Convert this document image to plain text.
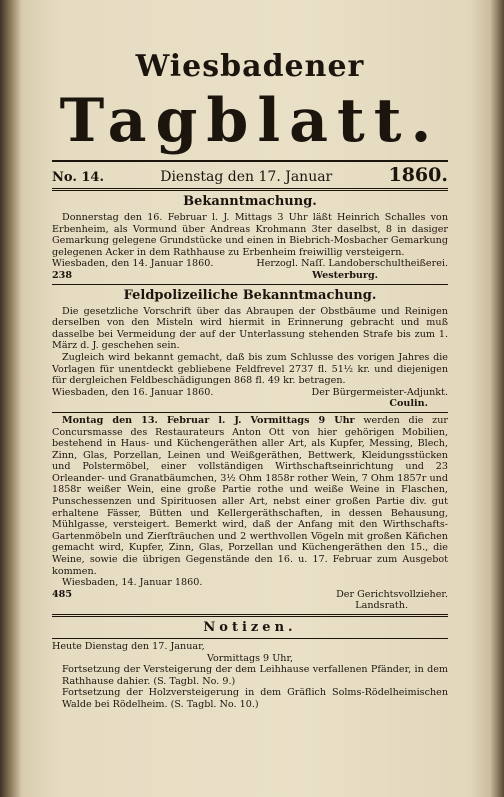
Wiesbadener
Tagblatt.
No. 14.	Dienstag den 17. Januar	1860.
Bekanntmachung.

Donnerstag den 16. Februar l. J. Mittags 3 Uhr läßt Heinrich Schalles von Erbenheim, als Vormund über Andreas Krohmann 3ter daselbst, 8 in dasiger Gemarkung gelegene Grundstücke und einen in Biebrich-Mosbacher Gemarkung gelegenen Acker in dem Rathhause zu Erbenheim freiwillig versteigern.

Wiesbaden, den 14. Januar 1860.	Herzogl. Naſſ. Landoberschultheißerei.
238	Westerburg.
Feldpolizeiliche Bekanntmachung.

Die gesetzliche Vorschrift über das Abraupen der Obstbäume und Reinigen derselben von den Misteln wird hiermit in Erinnerung gebracht und muß dasselbe bei Vermeidung der auf der Unterlassung stehenden Strafe bis zum 1. März d. J. geschehen sein.

Zugleich wird bekannt gemacht, daß bis zum Schlusse des vorigen Jahres die Vorlagen für unentdeckt gebliebene Feldfrevel 2737 fl. 51½ kr. und diejenigen für dergleichen Feldbeschädigungen 868 fl. 49 kr. betragen.

Wiesbaden, den 16. Januar 1860.	Der Bürgermeister-Adjunkt.
Coulin.

Montag den 13. Februar l. J. Vormittags 9 Uhr werden die zur Concursmasse des Restaurateurs Anton Ott von hier gehörigen Mobilien, bestehend in Haus- und Küchengeräthen aller Art, als Kupfer, Messing, Blech, Zinn, Glas, Porzellan, Leinen und Weißgeräthen, Bettwerk, Kleidungsstücken und Polstermöbel, einer vollständigen Wirthschaftseinrichtung und 23 Orleander- und Granatbäumchen, 3½ Ohm 1858r rother Wein, 7 Ohm 1857r und 1858r weißer Wein, eine große Partie rothe und weiße Weine in Flaschen, Punschessenzen und Spirituosen aller Art, nebst einer großen Partie div. gut erhaltene Fässer, Bütten und Kellergeräthschaften, in dessen Behausung, Mühlgasse, versteigert. Bemerkt wird, daß der Anfang mit den Wirthschafts-Gartenmöbeln und Zierſträuchen und 2 werthvollen Vögeln mit großen Käfichen gemacht wird, Kupfer, Zinn, Glas, Porzellan und Küchengeräthen den 15., die Weine, sowie die übrigen Gegenstände den 16. u. 17. Februar zum Ausgebot kommen.

Wiesbaden, 14. Januar 1860.
485	Der Gerichtsvollzieher.
Landsrath.
Notizen.
Heute Dienstag den 17. Januar,
Vormittags 9 Uhr,

Fortsetzung der Versteigerung der dem Leihhause verfallenen Pfänder, in dem Rathhause dahier. (S. Tagbl. No. 9.)

Fortsetzung der Holzversteigerung in dem Gräflich Solms-Rödelheimischen Walde bei Rödelheim. (S. Tagbl. No. 10.)
